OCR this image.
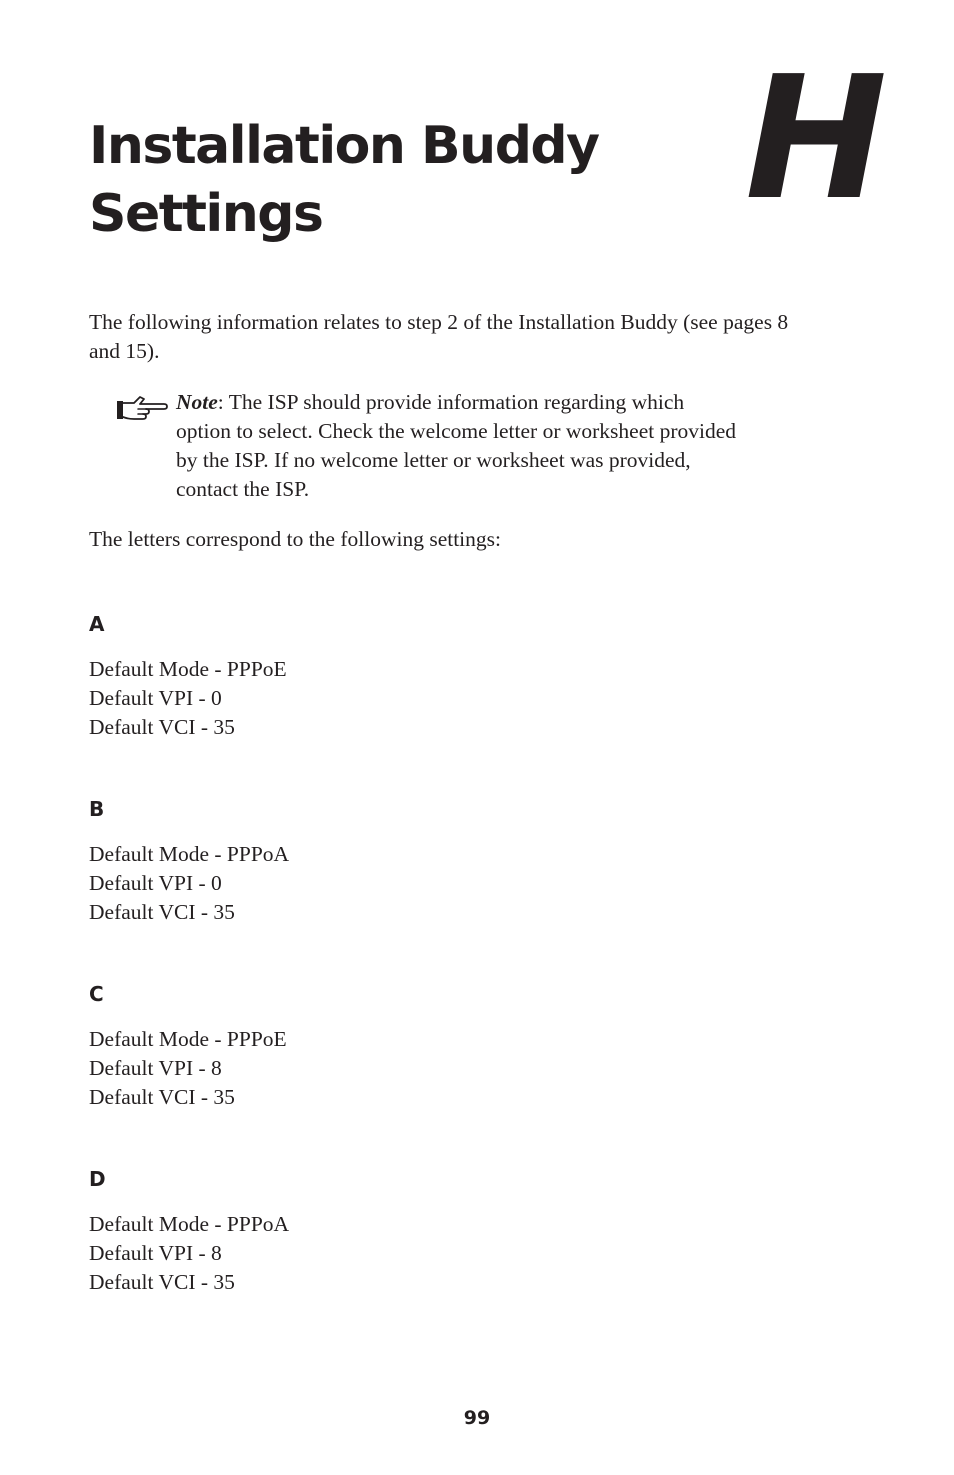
Installation Buddy
Settings	H

The following information relates to step 2 of the Installation Buddy (see pages 8
and 15).

Note: The ISP should provide information regarding which
option to select. Check the welcome letter or worksheet provided
by the ISP. If no welcome letter or worksheet was provided,
contact the ISP.

The letters correspond to the following settings:

A

Default Mode - PPPoE
Default VPI - 0
Default VCI - 35

B

Default Mode - PPPoA
Default VPI - 0
Default VCI - 35

C

Default Mode - PPPoE
Default VPI - 8
Default VCI - 35

D

Default Mode - PPPoA
Default VPI - 8
Default VCI - 35

99
